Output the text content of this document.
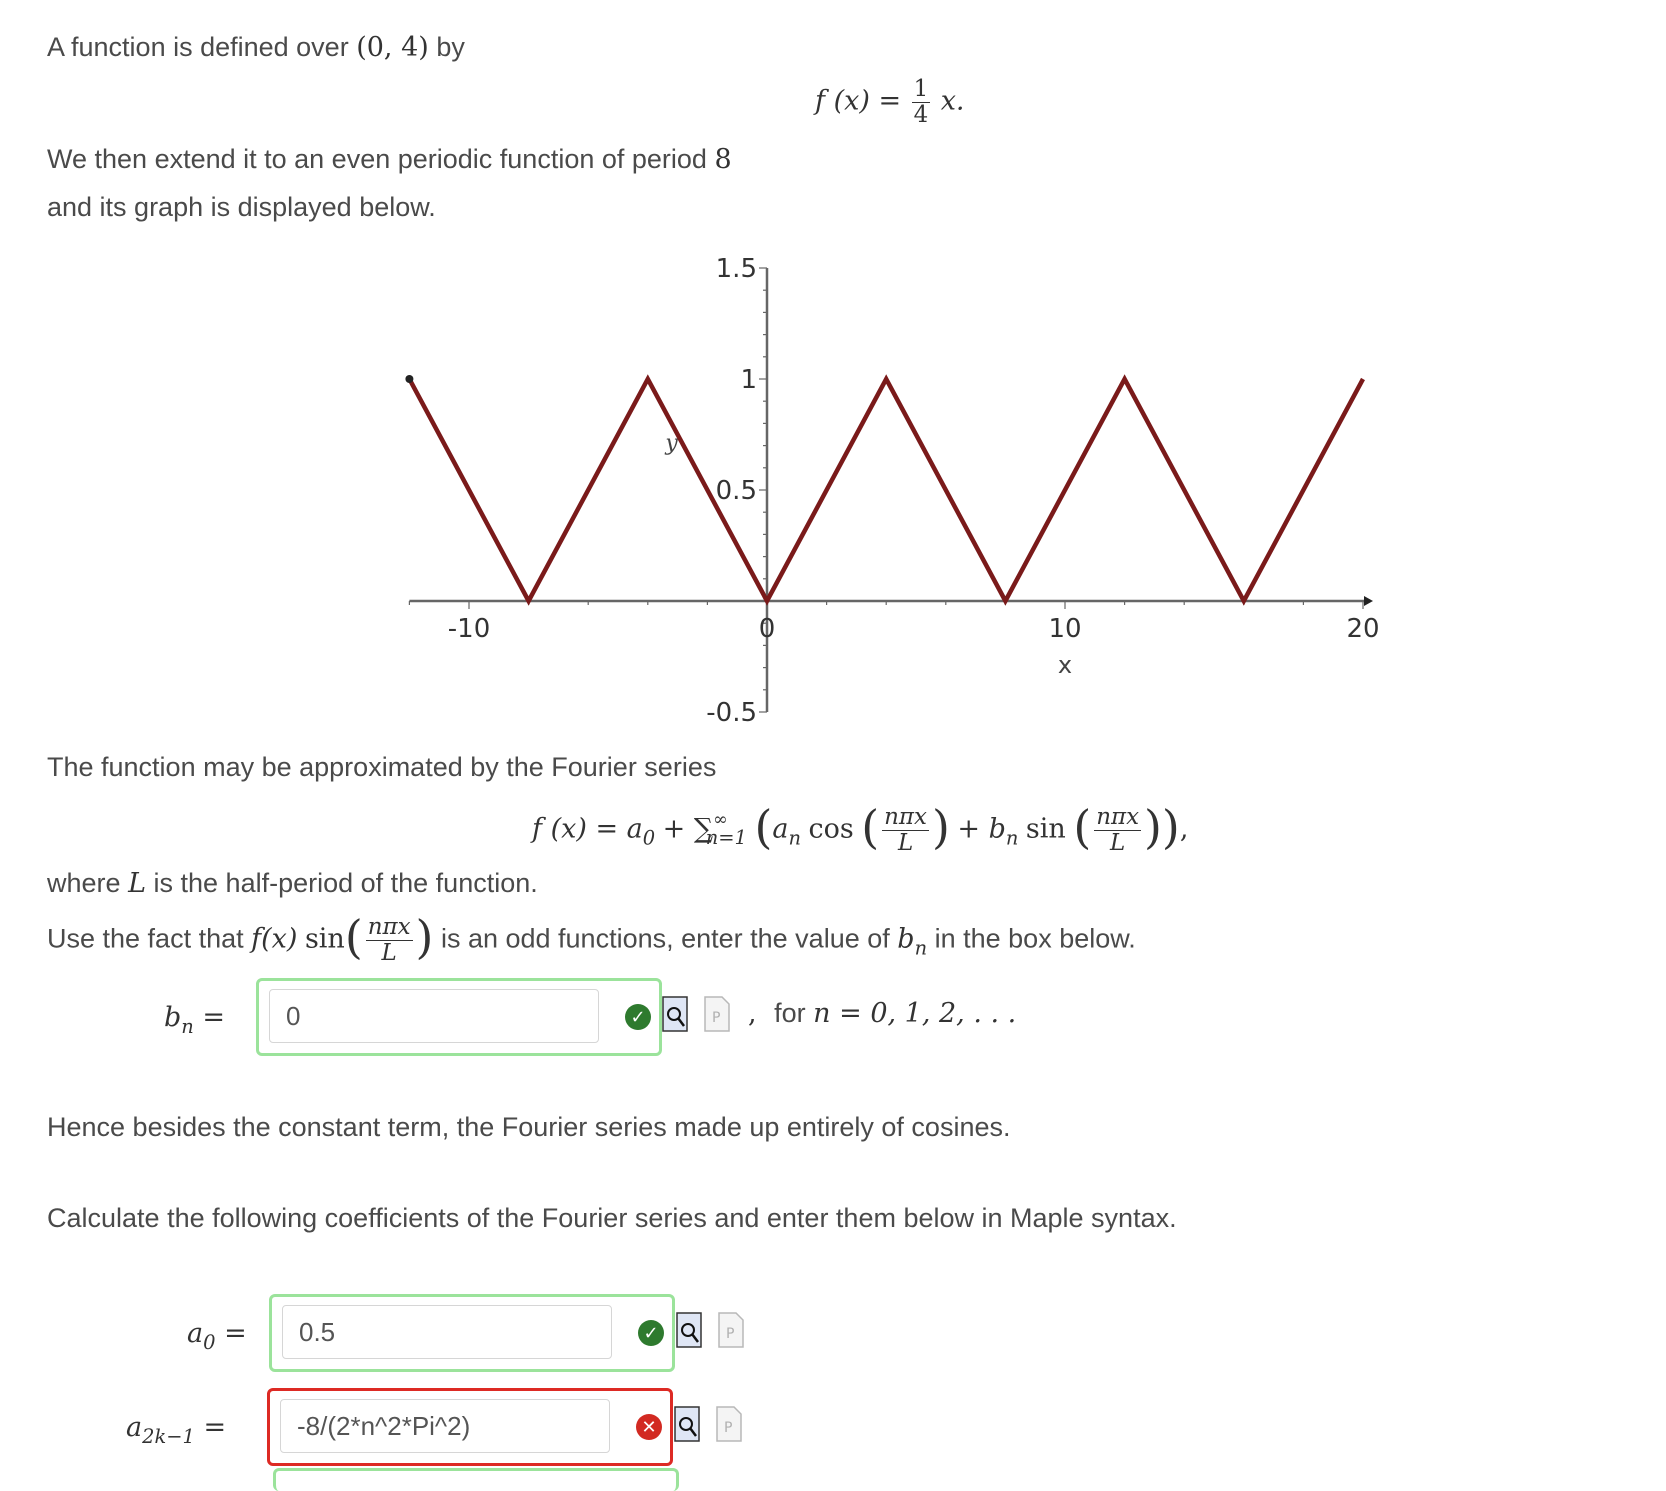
A function is defined over (0, 4) by
f $(x) = \frac{1}{4} x$.
We then extend it to an even periodic function of period 8
and its graph is displayed below.
-10	0	10	20
1.5
1
0.5
-0.5
x
y
The function may be approximated by the Fourier series
f $(x) = a_0 + \sum^\infty_{n=1}$ ($a_n$ cos ( $\frac{\text{nπx}}{L}$ ) + $b_n$ sin ( $\frac{\text{nπx}}{L}$ )),
where L is the half-period of the function.
Use the fact that f(x) $\sin( \frac{\text{nπx}}{L}$ ) is an odd functions, enter the value of $b_n$ in the box below.
$b_n$ =	0	✓	P , for n = 0, 1, 2, . . .
Hence besides the constant term, the Fourier series made up entirely of cosines.
Calculate the following coefficients of the Fourier series and enter them below in Maple syntax.
$a_0$ =	0.5	✓	P
$a_{2k-1}$ =	-8/(2*n^2*Pi^2)	✕	P
